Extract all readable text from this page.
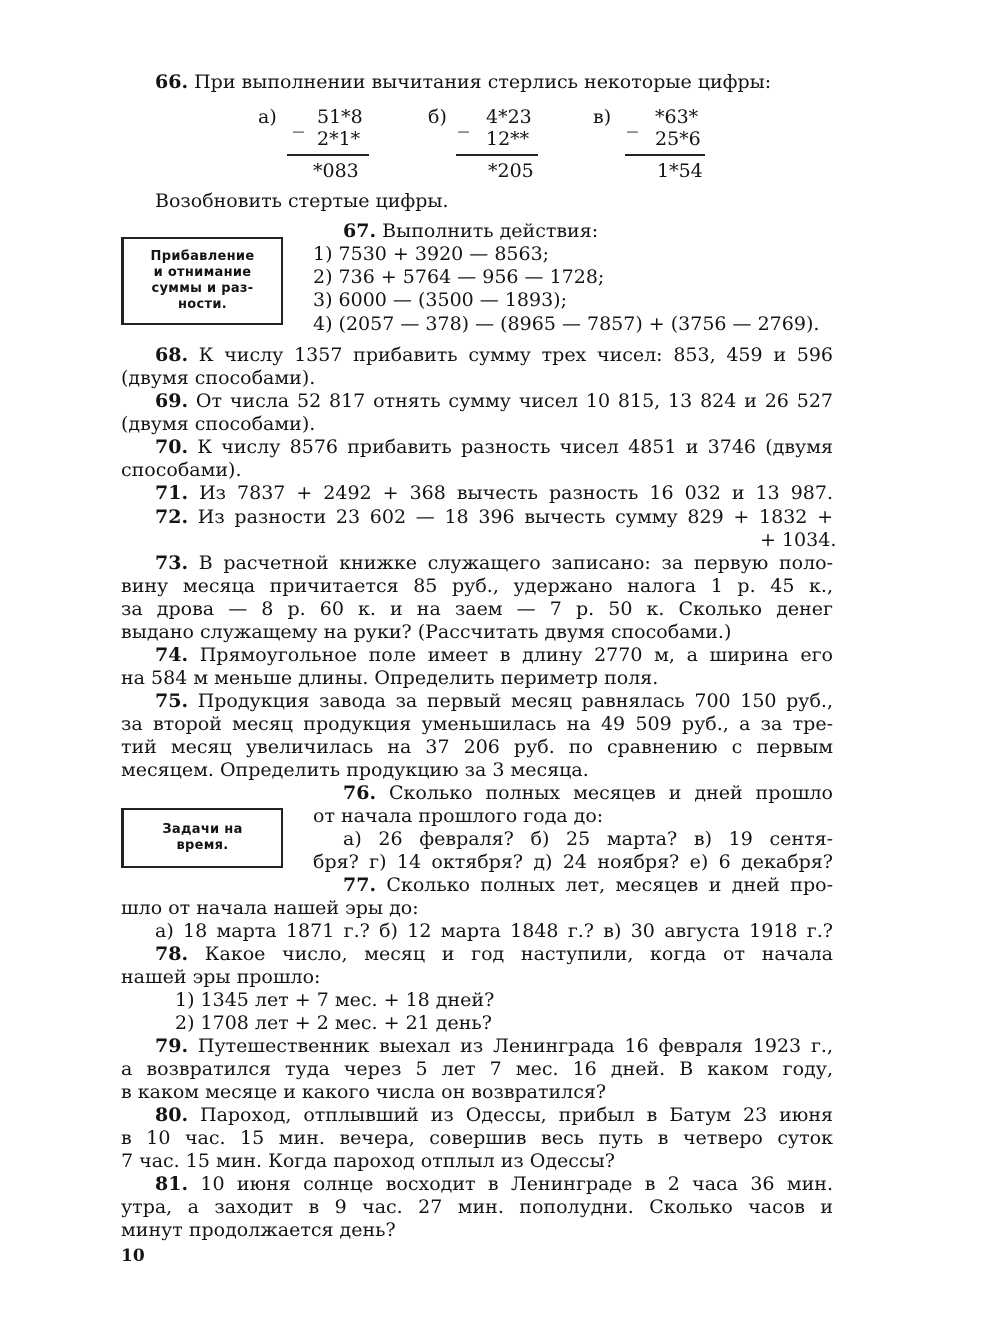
66. При выполнении вычитания стерлись некоторые цифры:
а) _ 51*8
2*1*
*083
б) _ 4*23
12**
*205
в) _ *63*
25*6
1*54
Возобновить стертые цифры.
Прибавление
и отнимание
суммы и раз-
ности.
67. Выполнить действия:
1) 7530 + 3920 — 8563;
2) 736 + 5764 — 956 — 1728;
3) 6000 — (3500 — 1893);
4) (2057 — 378) — (8965 — 7857) + (3756 — 2769).
68. К числу 1357 прибавить сумму трех чисел: 853, 459 и 596
(двумя способами).
69. От числа 52 817 отнять сумму чисел 10 815, 13 824 и 26 527
(двумя способами).
70. К числу 8576 прибавить разность чисел 4851 и 3746 (двумя
способами).
71. Из 7837 + 2492 + 368 вычесть разность 16 032 и 13 987.
72. Из разности 23 602 — 18 396 вычесть сумму 829 + 1832 +
+ 1034.
73. В расчетной книжке служащего записано: за первую поло-
вину месяца причитается 85 руб., удержано налога 1 р. 45 к.,
за дрова — 8 р. 60 к. и на заем — 7 р. 50 к. Сколько денег
выдано служащему на руки? (Рассчитать двумя способами.)
74. Прямоугольное поле имеет в длину 2770 м, а ширина его
на 584 м меньше длины. Определить периметр поля.
75. Продукция завода за первый месяц равнялась 700 150 руб.,
за второй месяц продукция уменьшилась на 49 509 руб., а за тре-
тий месяц увеличилась на 37 206 руб. по сравнению с первым
месяцем. Определить продукцию за 3 месяца.
Задачи на
время.
76. Сколько полных месяцев и дней прошло
от начала прошлого года до:
а) 26 февраля? б) 25 марта? в) 19 сентя-
бря? г) 14 октября? д) 24 ноября? е) 6 декабря?
77. Сколько полных лет, месяцев и дней про-
шло от начала нашей эры до:
а) 18 марта 1871 г.? б) 12 марта 1848 г.? в) 30 августа 1918 г.?
78. Какое число, месяц и год наступили, когда от начала
нашей эры прошло:
1) 1345 лет + 7 мес. + 18 дней?
2) 1708 лет + 2 мес. + 21 день?
79. Путешественник выехал из Ленинграда 16 февраля 1923 г.,
а возвратился туда через 5 лет 7 мес. 16 дней. В каком году,
в каком месяце и какого числа он возвратился?
80. Пароход, отплывший из Одессы, прибыл в Батум 23 июня
в 10 час. 15 мин. вечера, совершив весь путь в четверо суток
7 час. 15 мин. Когда пароход отплыл из Одессы?
81. 10 июня солнце восходит в Ленинграде в 2 часа 36 мин.
утра, а заходит в 9 час. 27 мин. пополудни. Сколько часов и
минут продолжается день?
10
